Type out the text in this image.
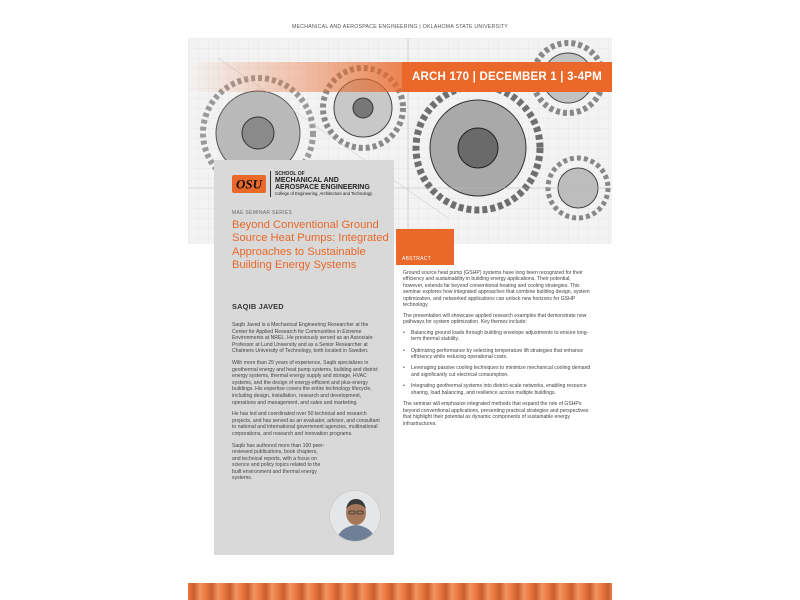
MECHANICAL AND AEROSPACE ENGINEERING | OKLAHOMA STATE UNIVERSITY
ARCH 170 | DECEMBER 1 | 3-4PM
OSU
SCHOOL OF
MECHANICAL AND
AEROSPACE ENGINEERING
College of Engineering, Architecture and Technology
MAE SEMINAR SERIES
Beyond Conventional Ground Source Heat Pumps: Integrated Approaches to Sustainable Building Energy Systems
SAQIB JAVED

Saqib Javed is a Mechanical Engineering Researcher at the Center for Applied Research for Communities in Extreme Environments at NREL. He previously served as an Associate Professor at Lund University and as a Senior Researcher at Chalmers University of Technology, both located in Sweden.

With more than 25 years of experience, Saqib specializes in geothermal energy and heat pump systems, building and district energy systems, thermal energy supply and storage, HVAC systems, and the design of energy-efficient and plus-energy buildings. His expertise covers the entire technology lifecycle, including design, installation, research and development, operations and management, and sales and marketing.

He has led and coordinated over 50 technical and research projects, and has served as an evaluator, advisor, and consultant to national and international government agencies, multinational corporations, and research and innovation programs.

Saqib has authored more than 100 peer-reviewed publications, book chapters, and technical reports, with a focus on science and policy topics related to the built environment and thermal energy systems.

ABSTRACT

Ground source heat pump (GSHP) systems have long been recognized for their efficiency and sustainability in building energy applications. Their potential, however, extends far beyond conventional heating and cooling strategies. This seminar explores how integrated approaches that combine building design, system optimization, and networked applications can unlock new horizons for GSHP technology.

The presentation will showcase applied research examples that demonstrate new pathways for system optimization. Key themes include:

• Balancing ground loads through building envelope adjustments to ensure long-term thermal stability.
• Optimizing performance by selecting temperature lift strategies that enhance efficiency while reducing operational costs.
• Leveraging passive cooling techniques to minimize mechanical cooling demand and significantly cut electrical consumption.
• Integrating geothermal systems into district-scale networks, enabling resource sharing, load balancing, and resilience across multiple buildings.

The seminar will emphasize integrated methods that expand the role of GSHPs beyond conventional applications, presenting practical strategies and perspectives that highlight their potential as dynamic components of sustainable energy infrastructures.
